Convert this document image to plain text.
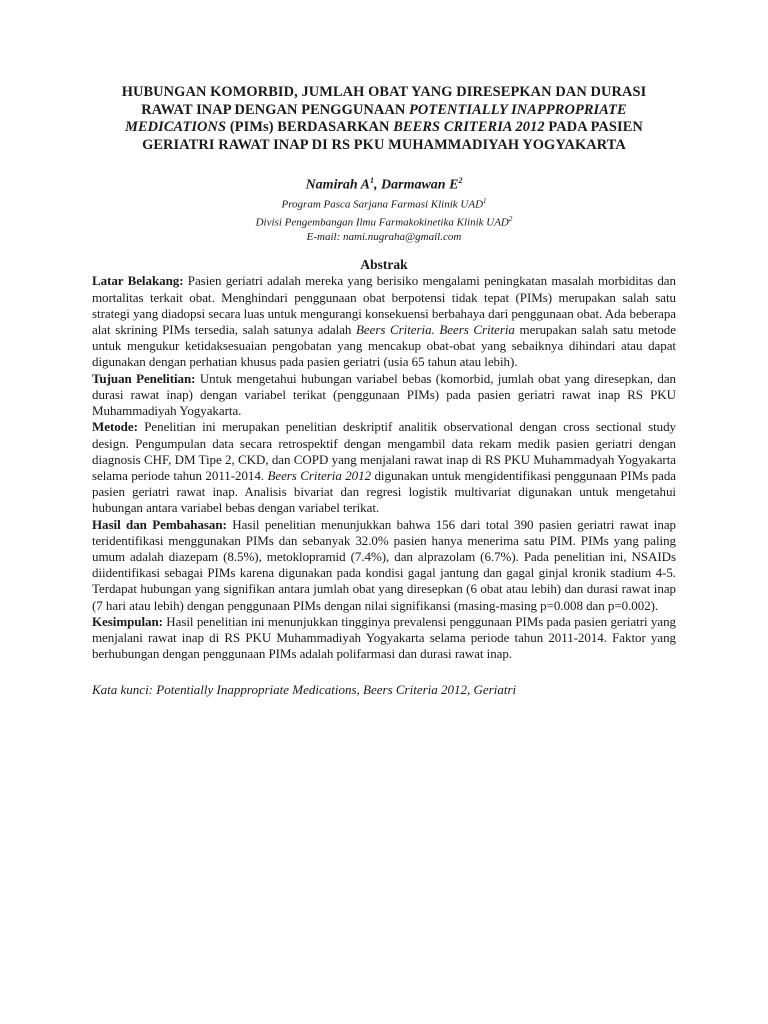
HUBUNGAN KOMORBID, JUMLAH OBAT YANG DIRESEPKAN DAN DURASI
RAWAT INAP DENGAN PENGGUNAAN POTENTIALLY INAPPROPRIATE
MEDICATIONS (PIMs) BERDASARKAN BEERS CRITERIA 2012 PADA PASIEN
GERIATRI RAWAT INAP DI RS PKU MUHAMMADIYAH YOGYAKARTA
Namirah $A^1$, Darmawan $E^2$
Program Pasca Sarjana Farmasi Klinik UAD$^1$
Divisi Pengembangan Ilmu Farmakokinetika Klinik UAD$^2$
E-mail: nami.nugraha@gmail.com
Abstrak

Latar Belakang: Pasien geriatri adalah mereka yang berisiko mengalami peningkatan masalah morbiditas dan mortalitas terkait obat. Menghindari penggunaan obat berpotensi tidak tepat (PIMs) merupakan salah satu strategi yang diadopsi secara luas untuk mengurangi konsekuensi berbahaya dari penggunaan obat. Ada beberapa alat skrining PIMs tersedia, salah satunya adalah Beers Criteria. Beers Criteria merupakan salah satu metode untuk mengukur ketidaksesuaian pengobatan yang mencakup obat-obat yang sebaiknya dihindari atau dapat digunakan dengan perhatian khusus pada pasien geriatri (usia 65 tahun atau lebih).

Tujuan Penelitian: Untuk mengetahui hubungan variabel bebas (komorbid, jumlah obat yang diresepkan, dan durasi rawat inap) dengan variabel terikat (penggunaan PIMs) pada pasien geriatri rawat inap RS PKU Muhammadiyah Yogyakarta.

Metode: Penelitian ini merupakan penelitian deskriptif analitik observational dengan cross sectional study design. Pengumpulan data secara retrospektif dengan mengambil data rekam medik pasien geriatri dengan diagnosis CHF, DM Tipe 2, CKD, dan COPD yang menjalani rawat inap di RS PKU Muhammadyah Yogyakarta selama periode tahun 2011-2014. Beers Criteria 2012 digunakan untuk mengidentifikasi penggunaan PIMs pada pasien geriatri rawat inap. Analisis bivariat dan regresi logistik multivariat digunakan untuk mengetahui hubungan antara variabel bebas dengan variabel terikat.

Hasil dan Pembahasan: Hasil penelitian menunjukkan bahwa 156 dari total 390 pasien geriatri rawat inap teridentifikasi menggunakan PIMs dan sebanyak 32.0% pasien hanya menerima satu PIM. PIMs yang paling umum adalah diazepam (8.5%), metoklopramid (7.4%), dan alprazolam (6.7%). Pada penelitian ini, NSAIDs diidentifikasi sebagai PIMs karena digunakan pada kondisi gagal jantung dan gagal ginjal kronik stadium 4-5. Terdapat hubungan yang signifikan antara jumlah obat yang diresepkan (6 obat atau lebih) dan durasi rawat inap (7 hari atau lebih) dengan penggunaan PIMs dengan nilai signifikansi (masing-masing p=0.008 dan p=0.002).

Kesimpulan: Hasil penelitian ini menunjukkan tingginya prevalensi penggunaan PIMs pada pasien geriatri yang menjalani rawat inap di RS PKU Muhammadiyah Yogyakarta selama periode tahun 2011-2014. Faktor yang berhubungan dengan penggunaan PIMs adalah polifarmasi dan durasi rawat inap.

Kata kunci: Potentially Inappropriate Medications, Beers Criteria 2012, Geriatri
